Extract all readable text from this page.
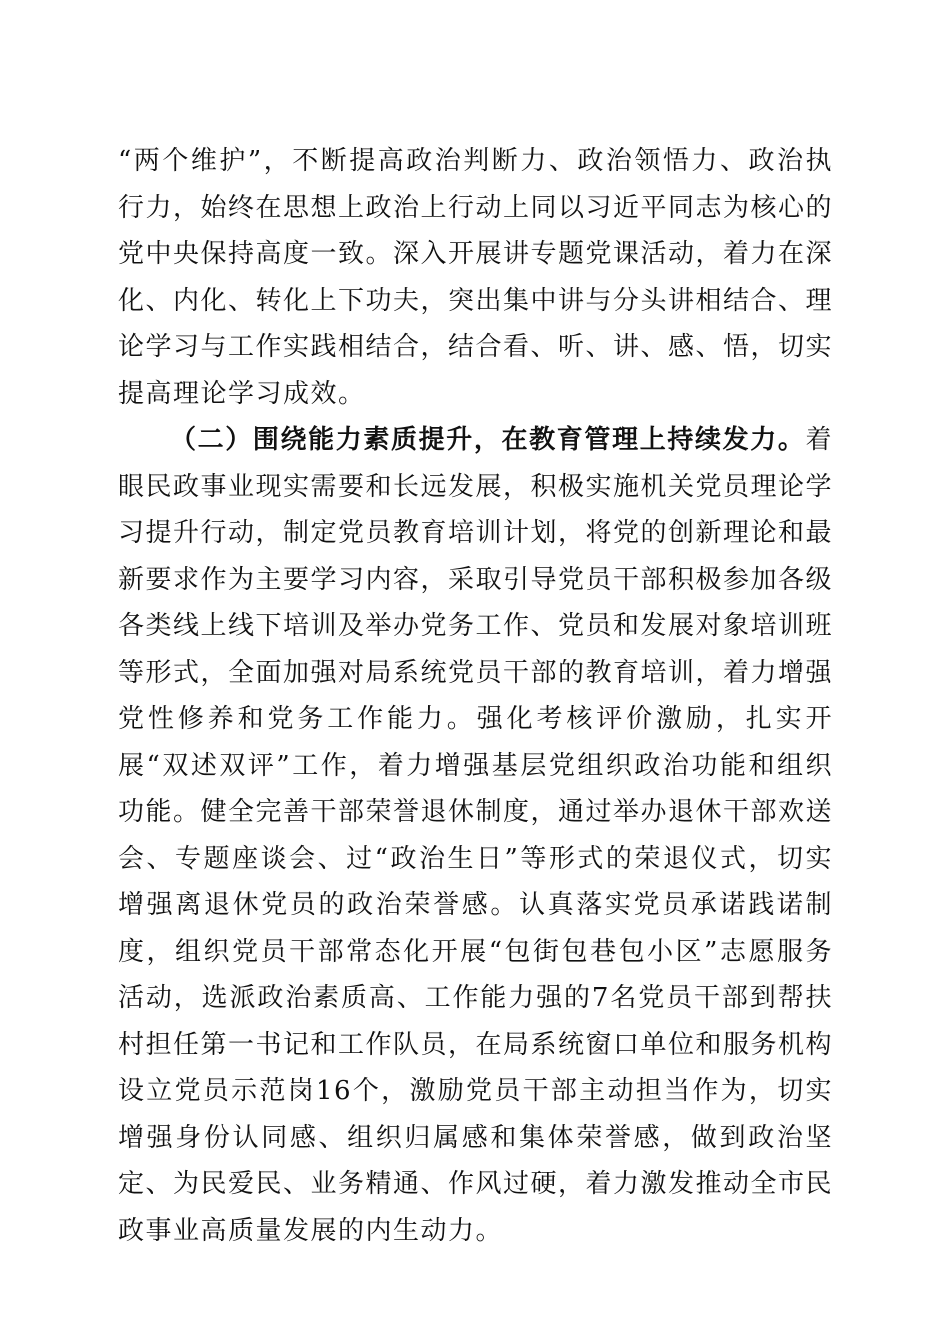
“两个维护”，不断提高政治判断力、政治领悟力、政治执行力，始终在思想上政治上行动上同以习近平同志为核心的党中央保持高度一致。深入开展讲专题党课活动，着力在深化、内化、转化上下功夫，突出集中讲与分头讲相结合、理论学习与工作实践相结合，结合看、听、讲、感、悟，切实提高理论学习成效。

（二）围绕能力素质提升，在教育管理上持续发力。着眼民政事业现实需要和长远发展，积极实施机关党员理论学习提升行动，制定党员教育培训计划，将党的创新理论和最新要求作为主要学习内容，采取引导党员干部积极参加各级各类线上线下培训及举办党务工作、党员和发展对象培训班等形式，全面加强对局系统党员干部的教育培训，着力增强党性修养和党务工作能力。强化考核评价激励，扎实开展“双述双评”工作，着力增强基层党组织政治功能和组织功能。健全完善干部荣誉退休制度，通过举办退休干部欢送会、专题座谈会、过“政治生日”等形式的荣退仪式，切实增强离退休党员的政治荣誉感。认真落实党员承诺践诺制度，组织党员干部常态化开展“包街包巷包小区”志愿服务活动，选派政治素质高、工作能力强的7名党员干部到帮扶村担任第一书记和工作队员，在局系统窗口单位和服务机构设立党员示范岗16个，激励党员干部主动担当作为，切实增强身份认同感、组织归属感和集体荣誉感，做到政治坚定、为民爱民、业务精通、作风过硬，着力激发推动全市民政事业高质量发展的内生动力。
